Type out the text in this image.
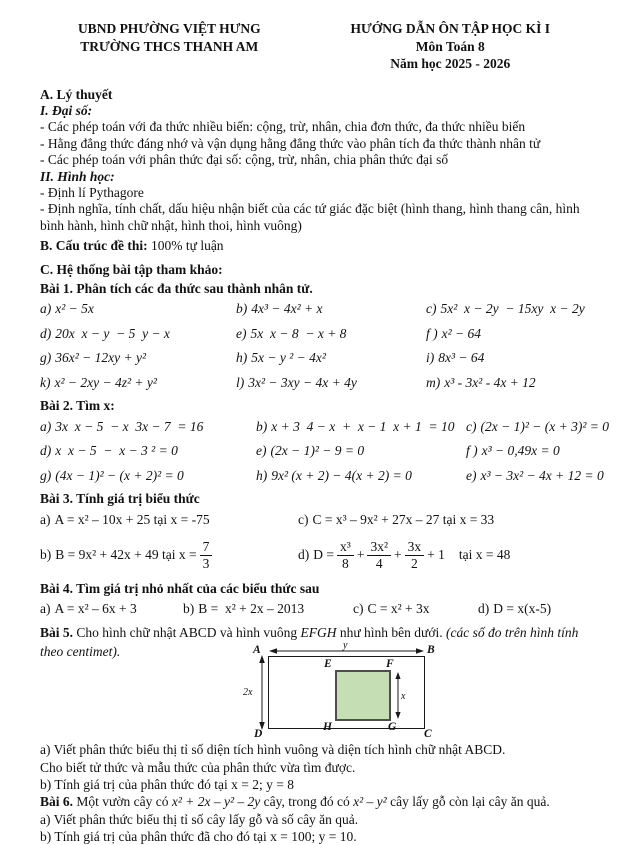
UBND PHƯỜNG VIỆT HƯNG
TRƯỜNG THCS THANH AM
HƯỚNG DẪN ÔN TẬP HỌC KÌ I
Môn Toán 8
Năm học 2025 - 2026
A. Lý thuyết
I. Đại số:
- Các phép toán với đa thức nhiều biến: cộng, trừ, nhân, chia đơn thức, đa thức nhiều biến
- Hằng đẳng thức đáng nhớ và vận dụng hằng đẳng thức vào phân tích đa thức thành nhân tử
- Các phép toán với phân thức đại số: cộng, trừ, nhân, chia phân thức đại số
II. Hình học:
- Định lí Pythagore
- Định nghĩa, tính chất, dấu hiệu nhận biết của các tứ giác đặc biệt (hình thang, hình thang cân, hình bình hành, hình chữ nhật, hình thoi, hình vuông)
B. Cấu trúc đề thi: 100% tự luận
C. Hệ thống bài tập tham khảo:
Bài 1. Phân tích các đa thức sau thành nhân tử.
a) x² − 5x	b) 4x³ − 4x² + x	c) 5x²  x − 2y  − 15xy  x − 2y
d) 20x  x − y  − 5  y − x	e) 5x  x − 8  − x + 8	f ) x² − 64
g) 36x² − 12xy + y²	h) 5x − y ² − 4x²	i) 8x³ − 64
k) x² − 2xy − 4z² + y²	l) 3x² − 3xy − 4x + 4y	m) x³ - 3x² - 4x + 12
Bài 2. Tìm x:
a) 3x  x − 5  − x  3x − 7  = 16	b) x + 3  4 − x  +  x − 1  x + 1  = 10 c) (2x − 1)² − (x + 3)² = 0
d) x  x − 5  −  x − 3 ² = 0	e) (2x − 1)² − 9 = 0	f ) x³ − 0,49x = 0
g) (4x − 1)² − (x + 2)² = 0	h) 9x² (x + 2) − 4(x + 2) = 0	e) x³ − 3x² − 4x + 12 = 0
Bài 3. Tính giá trị biểu thức
a) A = x² – 10x + 25 tại x = -75	c) C = x³ – 9x² + 27x – 27 tại x = 33
b) B = 9x² + 42x + 49 tại $x = \frac{7}{3}$	d) $D = \frac{\text{x³}}{8} + \frac{\text{3x²}}{4} + \frac{3x}{2} + 1$ tại x = 48
Bài 4. Tìm giá trị nhỏ nhất của các biểu thức sau
a) A = x² – 6x + 3	b) B =  x² + 2x – 2013	c) C = x² + 3x	d) D = x(x-5)
Bài 5. Cho hình chữ nhật ABCD và hình vuông EFGH như hình bên dưới. (các số đo trên hình tính
theo centimet).	A	B
D	C
E	F
H	G
y
2x	x
a) Viết phân thức biểu thị tỉ số diện tích hình vuông và diện tích hình chữ nhật ABCD.
Cho biết tử thức và mẫu thức của phân thức vừa tìm được.
b) Tính giá trị của phân thức đó tại x = 2; y = 8
Bài 6. Một vườn cây có x² + 2x – y² – 2y cây, trong đó có x² – y² cây lấy gỗ còn lại cây ăn quả.
a) Viết phân thức biểu thị tỉ số cây lấy gỗ và số cây ăn quả.
b) Tính giá trị của phân thức đã cho đó tại x = 100; y = 10.
